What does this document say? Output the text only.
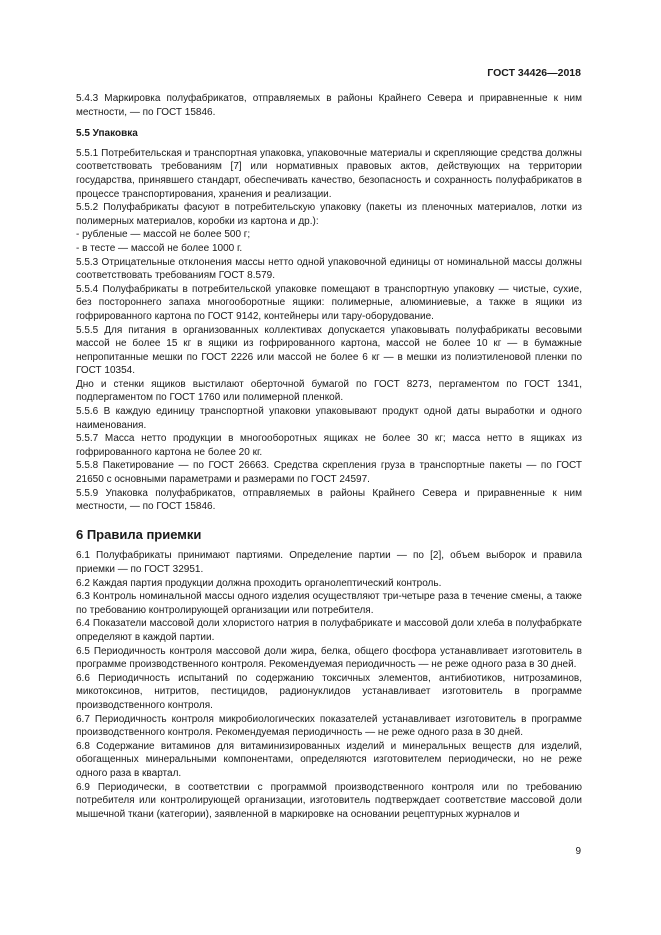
ГОСТ 34426—2018

5.4.3 Маркировка полуфабрикатов, отправляемых в районы Крайнего Севера и приравненные к ним местности, — по ГОСТ 15846.

5.5 Упаковка

5.5.1 Потребительская и транспортная упаковка, упаковочные материалы и скрепляющие средства должны соответствовать требованиям [7] или нормативных правовых актов, действующих на территории государства, принявшего стандарт, обеспечивать качество, безопасность и сохранность полуфабрикатов в процессе транспортирования, хранения и реализации.

5.5.2 Полуфабрикаты фасуют в потребительскую упаковку (пакеты из пленочных материалов, лотки из полимерных материалов, коробки из картона и др.):

- рубленые — массой не более 500 г;

- в тесте — массой не более 1000 г.

5.5.3 Отрицательные отклонения массы нетто одной упаковочной единицы от номинальной массы должны соответствовать требованиям ГОСТ 8.579.

5.5.4 Полуфабрикаты в потребительской упаковке помещают в транспортную упаковку — чистые, сухие, без постороннего запаха многооборотные ящики: полимерные, алюминиевые, а также в ящики из гофрированного картона по ГОСТ 9142, контейнеры или тару-оборудование.

5.5.5 Для питания в организованных коллективах допускается упаковывать полуфабрикаты весовыми массой не более 15 кг в ящики из гофрированного картона, массой не более 10 кг — в бумажные непропитанные мешки по ГОСТ 2226 или массой не более 6 кг — в мешки из полиэтиленовой пленки по ГОСТ 10354.

Дно и стенки ящиков выстилают оберточной бумагой по ГОСТ 8273, пергаментом по ГОСТ 1341, подпергаментом по ГОСТ 1760 или полимерной пленкой.

5.5.6 В каждую единицу транспортной упаковки упаковывают продукт одной даты выработки и одного наименования.

5.5.7 Масса нетто продукции в многооборотных ящиках не более 30 кг; масса нетто в ящиках из гофрированного картона не более 20 кг.

5.5.8 Пакетирование — по ГОСТ 26663. Средства скрепления груза в транспортные пакеты — по ГОСТ 21650 с основными параметрами и размерами по ГОСТ 24597.

5.5.9 Упаковка полуфабрикатов, отправляемых в районы Крайнего Севера и приравненные к ним местности, — по ГОСТ 15846.

6 Правила приемки

6.1 Полуфабрикаты принимают партиями. Определение партии — по [2], объем выборок и правила приемки — по ГОСТ 32951.

6.2 Каждая партия продукции должна проходить органолептический контроль.

6.3 Контроль номинальной массы одного изделия осуществляют три-четыре раза в течение смены, а также по требованию контролирующей организации или потребителя.

6.4 Показатели массовой доли хлористого натрия в полуфабрикате и массовой доли хлеба в полуфабркате определяют в каждой партии.

6.5 Периодичность контроля массовой доли жира, белка, общего фосфора устанавливает изготовитель в программе производственного контроля. Рекомендуемая периодичность — не реже одного раза в 30 дней.

6.6 Периодичность испытаний по содержанию токсичных элементов, антибиотиков, нитрозаминов, микотоксинов, нитритов, пестицидов, радионуклидов устанавливает изготовитель в программе производственного контроля.

6.7 Периодичность контроля микробиологических показателей устанавливает изготовитель в программе производственного контроля. Рекомендуемая периодичность — не реже одного раза в 30 дней.

6.8 Содержание витаминов для витаминизированных изделий и минеральных веществ для изделий, обогащенных минеральными компонентами, определяются изготовителем периодически, но не реже одного раза в квартал.

6.9 Периодически, в соответствии с программой производственного контроля или по требованию потребителя или контролирующей организации, изготовитель подтверждает соответствие массовой доли мышечной ткани (категории), заявленной в маркировке на основании рецептурных журналов и

9
